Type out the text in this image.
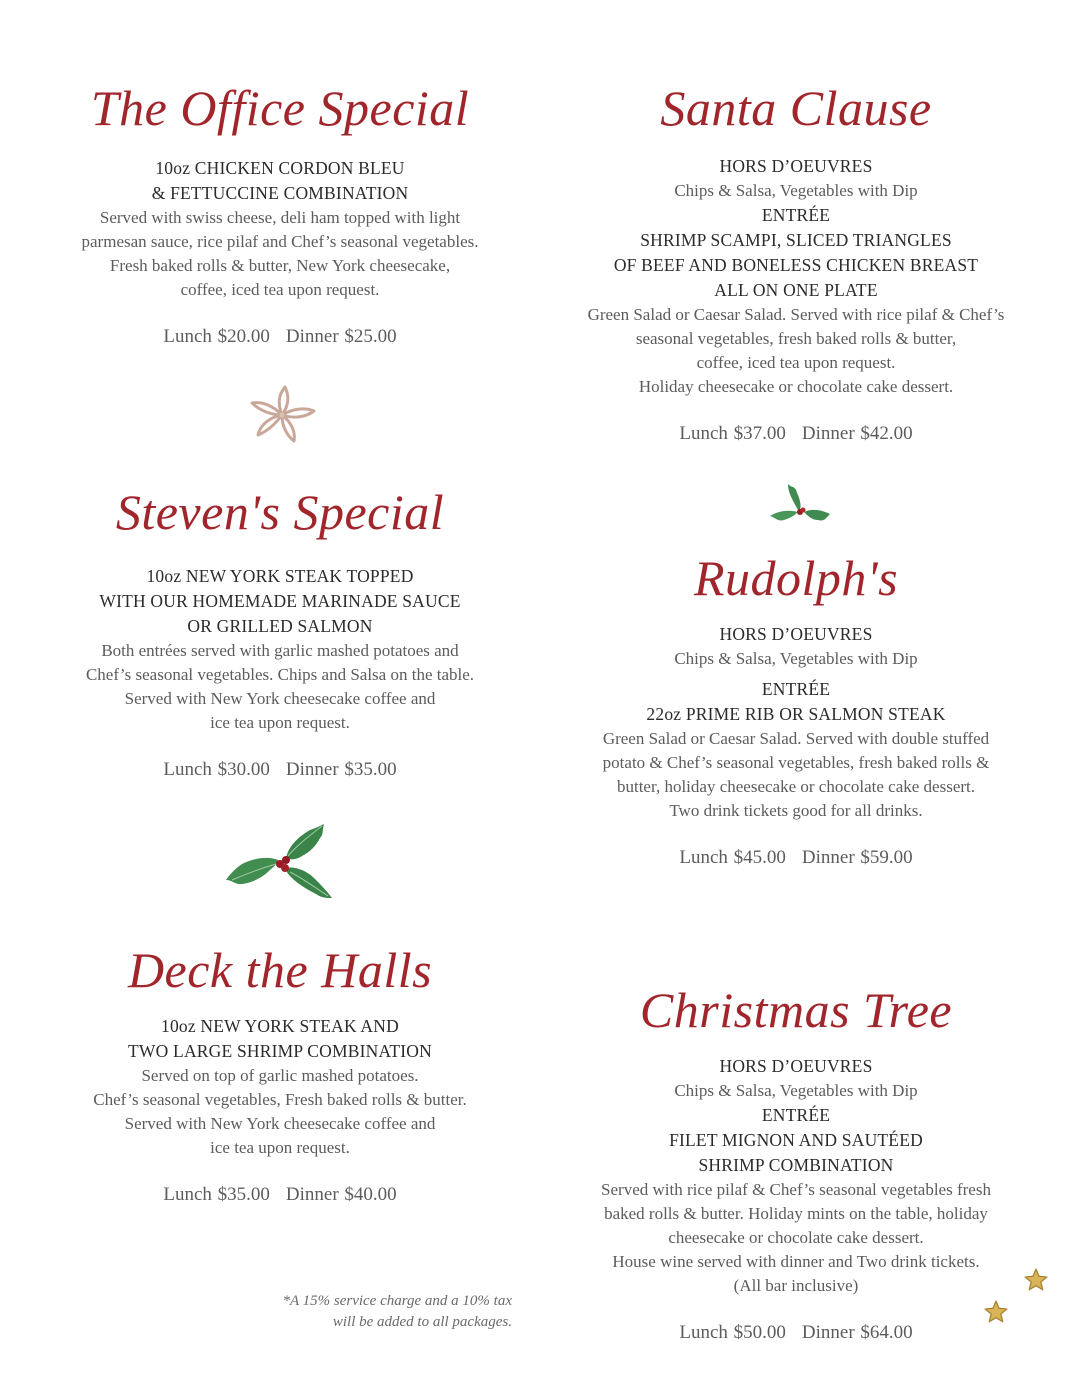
The Office Special
10oz CHICKEN CORDON BLEU
& FETTUCCINE COMBINATION
Served with swiss cheese, deli ham topped with light
parmesan sauce, rice pilaf and Chef’s seasonal vegetables.
Fresh baked rolls & butter, New York cheesecake,
coffee, iced tea upon request.
Lunch $20.00 Dinner $25.00
Santa Clause
HORS D’OEUVRES
Chips & Salsa, Vegetables with Dip
ENTRÉE
SHRIMP SCAMPI, SLICED TRIANGLES
OF BEEF AND BONELESS CHICKEN BREAST
ALL ON ONE PLATE
Green Salad or Caesar Salad. Served with rice pilaf & Chef’s
seasonal vegetables, fresh baked rolls & butter,
coffee, iced tea upon request.
Holiday cheesecake or chocolate cake dessert.
Lunch $37.00 Dinner $42.00
Steven's Special
10oz NEW YORK STEAK TOPPED
WITH OUR HOMEMADE MARINADE SAUCE
OR GRILLED SALMON
Both entrées served with garlic mashed potatoes and
Chef’s seasonal vegetables. Chips and Salsa on the table.
Served with New York cheesecake coffee and
ice tea upon request.
Lunch $30.00 Dinner $35.00
Rudolph's
HORS D’OEUVRES
Chips & Salsa, Vegetables with Dip
ENTRÉE
22oz PRIME RIB OR SALMON STEAK
Green Salad or Caesar Salad. Served with double stuffed
potato & Chef’s seasonal vegetables, fresh baked rolls &
butter, holiday cheesecake or chocolate cake dessert.
Two drink tickets good for all drinks.
Lunch $45.00 Dinner $59.00
Deck the Halls
10oz NEW YORK STEAK AND
TWO LARGE SHRIMP COMBINATION
Served on top of garlic mashed potatoes.
Chef’s seasonal vegetables, Fresh baked rolls & butter.
Served with New York cheesecake coffee and
ice tea upon request.
Lunch $35.00 Dinner $40.00
Christmas Tree
HORS D’OEUVRES
Chips & Salsa, Vegetables with Dip
ENTRÉE
FILET MIGNON AND SAUTÉED
SHRIMP COMBINATION
Served with rice pilaf & Chef’s seasonal vegetables fresh
baked rolls & butter. Holiday mints on the table, holiday
cheesecake or chocolate cake dessert.
House wine served with dinner and Two drink tickets.
(All bar inclusive)
Lunch $50.00 Dinner $64.00
*A 15% service charge and a 10% tax
will be added to all packages.
